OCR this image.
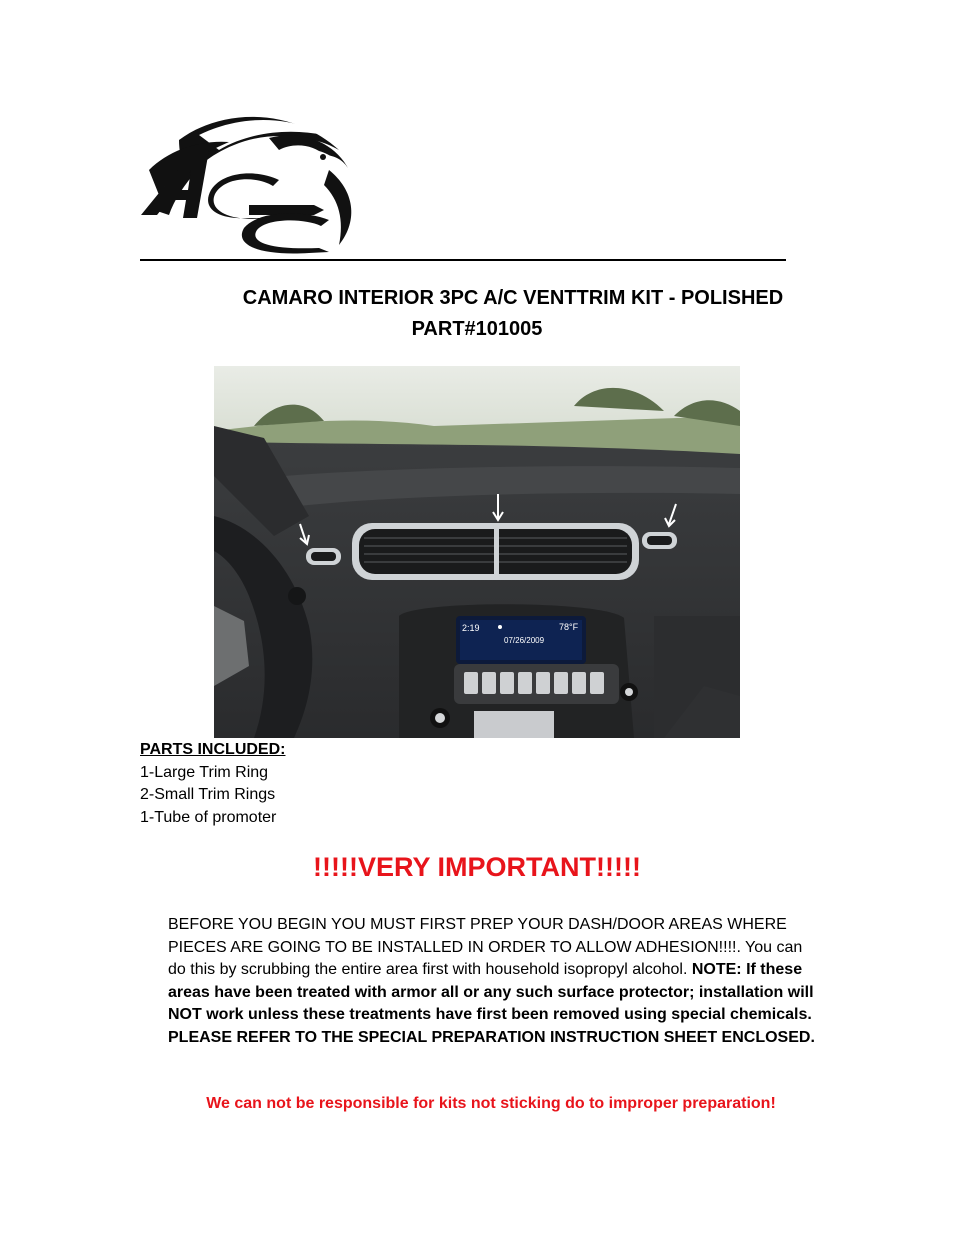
CAMARO INTERIOR 3PC A/C VENTTRIM KIT - POLISHED
PART#101005
2:19	78°F
07/26/2009
PARTS INCLUDED:
1-Large Trim Ring
2-Small Trim Rings
1-Tube of promoter
!!!!!VERY IMPORTANT!!!!!
BEFORE YOU BEGIN YOU MUST FIRST PREP YOUR DASH/DOOR AREAS WHERE PIECES ARE GOING TO BE INSTALLED IN ORDER TO ALLOW ADHESION!!!!. You can do this by scrubbing the entire area first with household isopropyl alcohol. NOTE: If these areas have been treated with armor all or any such surface protector; installation will NOT work unless these treatments have first been removed using special chemicals. PLEASE REFER TO THE SPECIAL PREPARATION INSTRUCTION SHEET ENCLOSED.
We can not be responsible for kits not sticking do to improper preparation!
